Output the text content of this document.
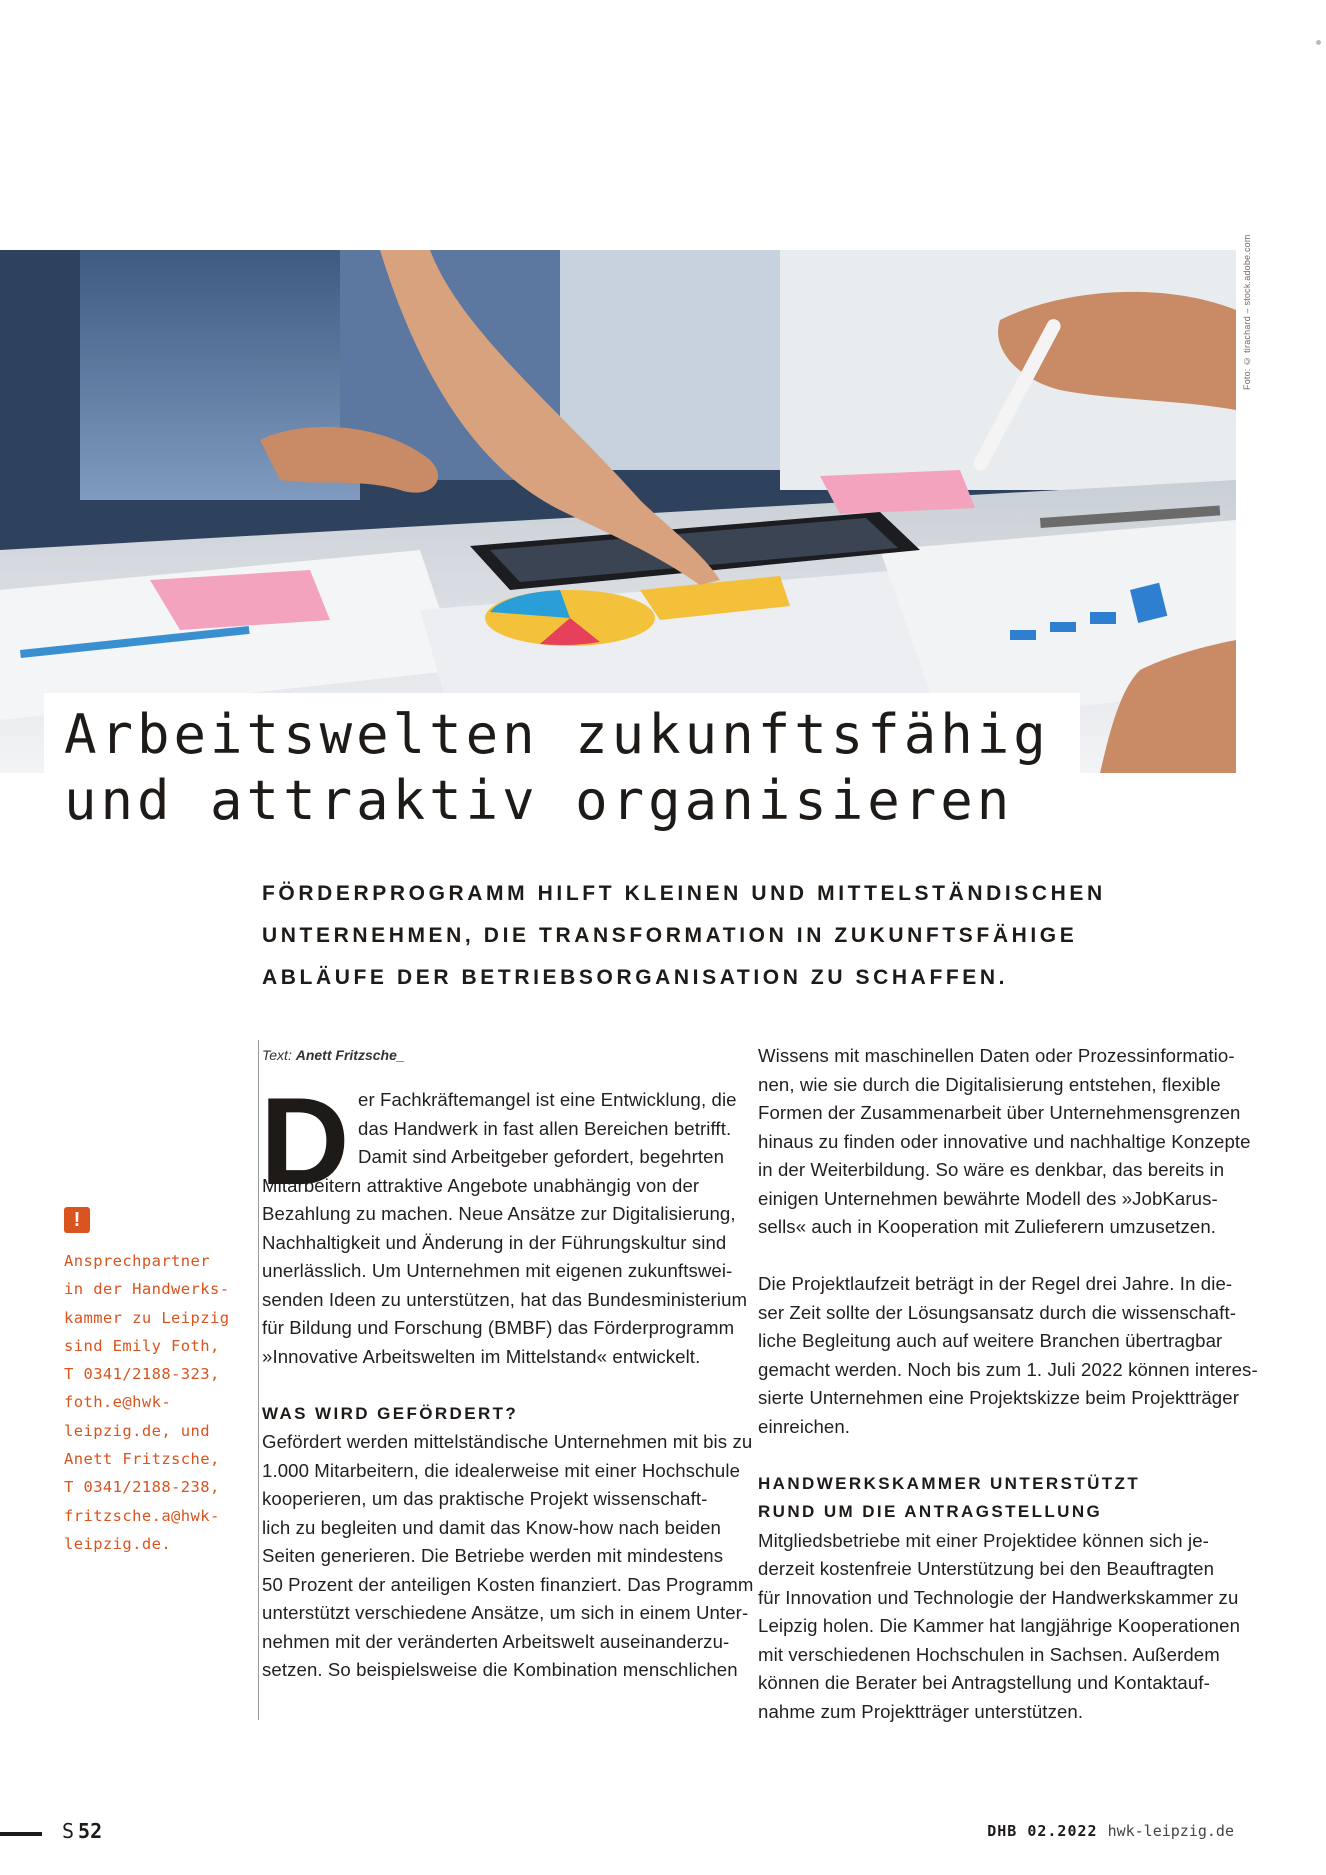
Foto: © tirachard – stock.adobe.com
Arbeitswelten zukunftsfähig
und attraktiv organisieren
FÖRDERPROGRAMM HILFT KLEINEN UND MITTELSTÄNDISCHEN
UNTERNEHMEN, DIE TRANSFORMATION IN ZUKUNFTSFÄHIGE
ABLÄUFE DER BETRIEBSORGANISATION ZU SCHAFFEN.
!
Ansprechpartner
in der Handwerks-
kammer zu Leipzig
sind Emily Foth,
T 0341/2188-323,
foth.e@hwk-
leipzig.de, und
Anett Fritzsche,
T 0341/2188-238,
fritzsche.a@hwk-
leipzig.de.
Text: Anett Fritzsche_
D er Fachkräftemangel ist eine Entwicklung, die
das Handwerk in fast allen Bereichen betrifft.
Damit sind Arbeitgeber gefordert, begehrten

Mitarbeitern attraktive Angebote unabhängig von der
Bezahlung zu machen. Neue Ansätze zur Digitalisierung,
Nachhaltigkeit und Änderung in der Führungskultur sind
unerlässlich. Um Unternehmen mit eigenen zukunftswei-
senden Ideen zu unterstützen, hat das Bundesministerium
für Bildung und Forschung (BMBF) das Förderprogramm
»Innovative Arbeitswelten im Mittelstand« entwickelt.

WAS WIRD GEFÖRDERT?

Gefördert werden mittelständische Unternehmen mit bis zu
1.000 Mitarbeitern, die idealerweise mit einer Hochschule
kooperieren, um das praktische Projekt wissenschaft-
lich zu begleiten und damit das Know-how nach beiden
Seiten generieren. Die Betriebe werden mit mindestens
50 Prozent der anteiligen Kosten finanziert. Das Programm
unterstützt verschiedene Ansätze, um sich in einem Unter-
nehmen mit der veränderten Arbeitswelt auseinanderzu-
setzen. So beispielsweise die Kombination menschlichen

Wissens mit maschinellen Daten oder Prozessinformatio-
nen, wie sie durch die Digitalisierung entstehen, flexible
Formen der Zusammenarbeit über Unternehmensgrenzen
hinaus zu finden oder innovative und nachhaltige Konzepte
in der Weiterbildung. So wäre es denkbar, das bereits in
einigen Unternehmen bewährte Modell des »JobKarus-
sells« auch in Kooperation mit Zulieferern umzusetzen.

Die Projektlaufzeit beträgt in der Regel drei Jahre. In die-
ser Zeit sollte der Lösungsansatz durch die wissenschaft-
liche Begleitung auch auf weitere Branchen übertragbar
gemacht werden. Noch bis zum 1. Juli 2022 können interes-
sierte Unternehmen eine Projektskizze beim Projektträger
einreichen.

HANDWERKSKAMMER UNTERSTÜTZT
RUND UM DIE ANTRAGSTELLUNG

Mitgliedsbetriebe mit einer Projektidee können sich je-
derzeit kostenfreie Unterstützung bei den Beauftragten
für Innovation und Technologie der Handwerkskammer zu
Leipzig holen. Die Kammer hat langjährige Kooperationen
mit verschiedenen Hochschulen in Sachsen. Außerdem
können die Berater bei Antragstellung und Kontaktauf-
nahme zum Projektträger unterstützen.

S 52	DHB 02.2022 hwk-leipzig.de
